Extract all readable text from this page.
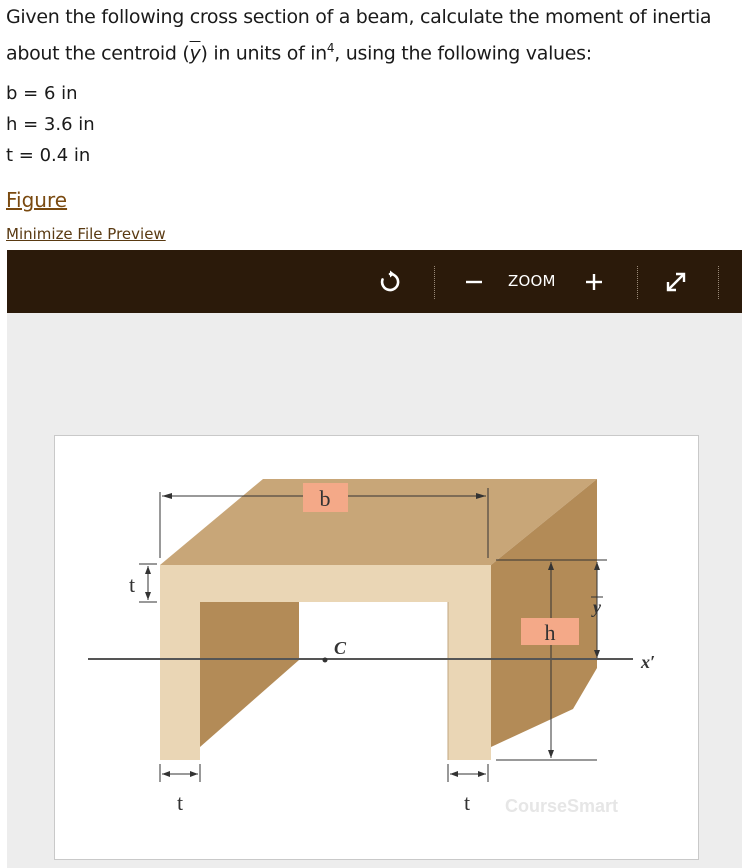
Given the following cross section of a beam, calculate the moment of inertia

about the centroid $(\overline{y})$ in units of $in^4$, using the following values:

b = 6 in
h = 3.6 in
t = 0.4 in
Figure
Minimize File Preview
ZOOM
b
t
h
y
C
x′
t	t CourseSmart
